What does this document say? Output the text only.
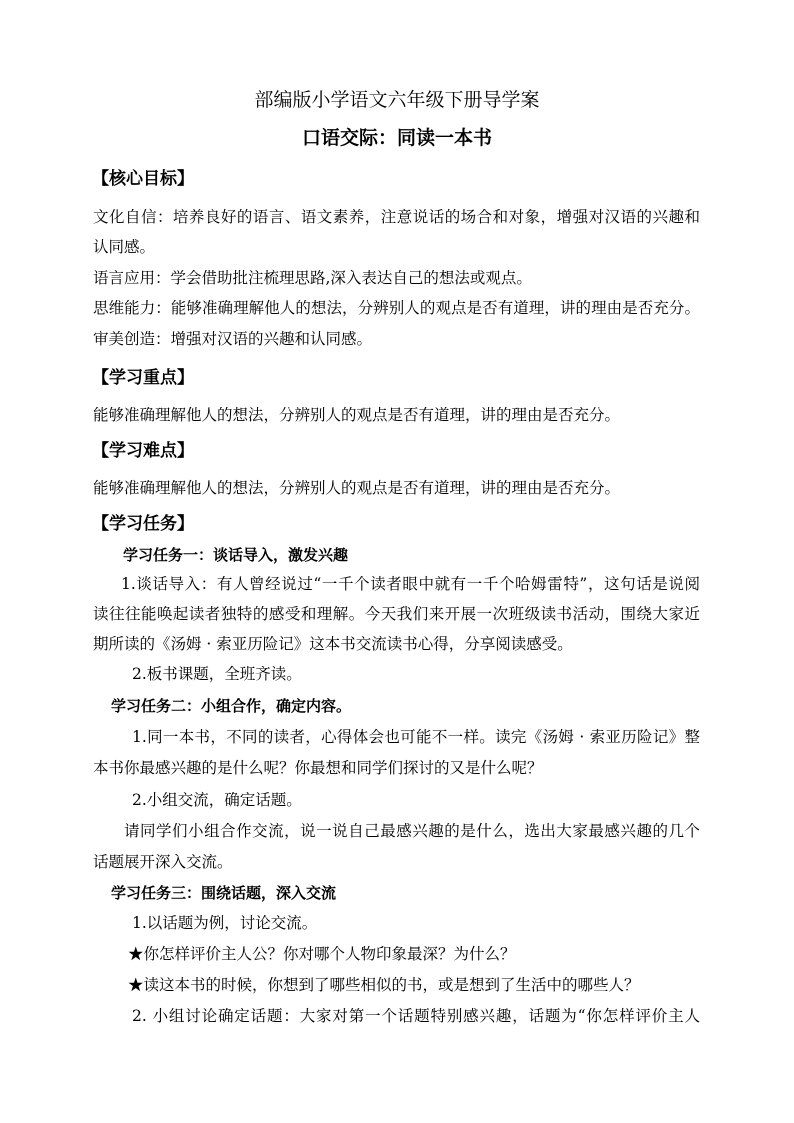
部编版小学语文六年级下册导学案
口语交际：同读一本书
【核心目标】
文化自信：培养良好的语言、语文素养，注意说话的场合和对象，增强对汉语的兴趣和
认同感。
语言应用：学会借助批注梳理思路,深入表达自己的想法或观点。
思维能力：能够准确理解他人的想法，分辨别人的观点是否有道理，讲的理由是否充分。
审美创造：增强对汉语的兴趣和认同感。
【学习重点】
能够准确理解他人的想法，分辨别人的观点是否有道理，讲的理由是否充分。
【学习难点】
能够准确理解他人的想法，分辨别人的观点是否有道理，讲的理由是否充分。
【学习任务】
学习任务一：谈话导入，激发兴趣
1.谈话导入：有人曾经说过“一千个读者眼中就有一千个哈姆雷特”，这句话是说阅
读往往能唤起读者独特的感受和理解。今天我们来开展一次班级读书活动，围绕大家近
期所读的《汤姆 · 索亚历险记》这本书交流读书心得，分享阅读感受。
2.板书课题，全班齐读。
学习任务二：小组合作，确定内容。
1.同一本书，不同的读者，心得体会也可能不一样。读完《汤姆 · 索亚历险记》整
本书你最感兴趣的是什么呢？你最想和同学们探讨的又是什么呢？
2.小组交流，确定话题。
请同学们小组合作交流，说一说自己最感兴趣的是什么，选出大家最感兴趣的几个
话题展开深入交流。
学习任务三：围绕话题，深入交流
1.以话题为例，讨论交流。
★你怎样评价主人公？你对哪个人物印象最深？为什么？
★读这本书的时候，你想到了哪些相似的书，或是想到了生活中的哪些人？
2. 小组讨论确定话题：大家对第一个话题特别感兴趣，话题为“你怎样评价主人
